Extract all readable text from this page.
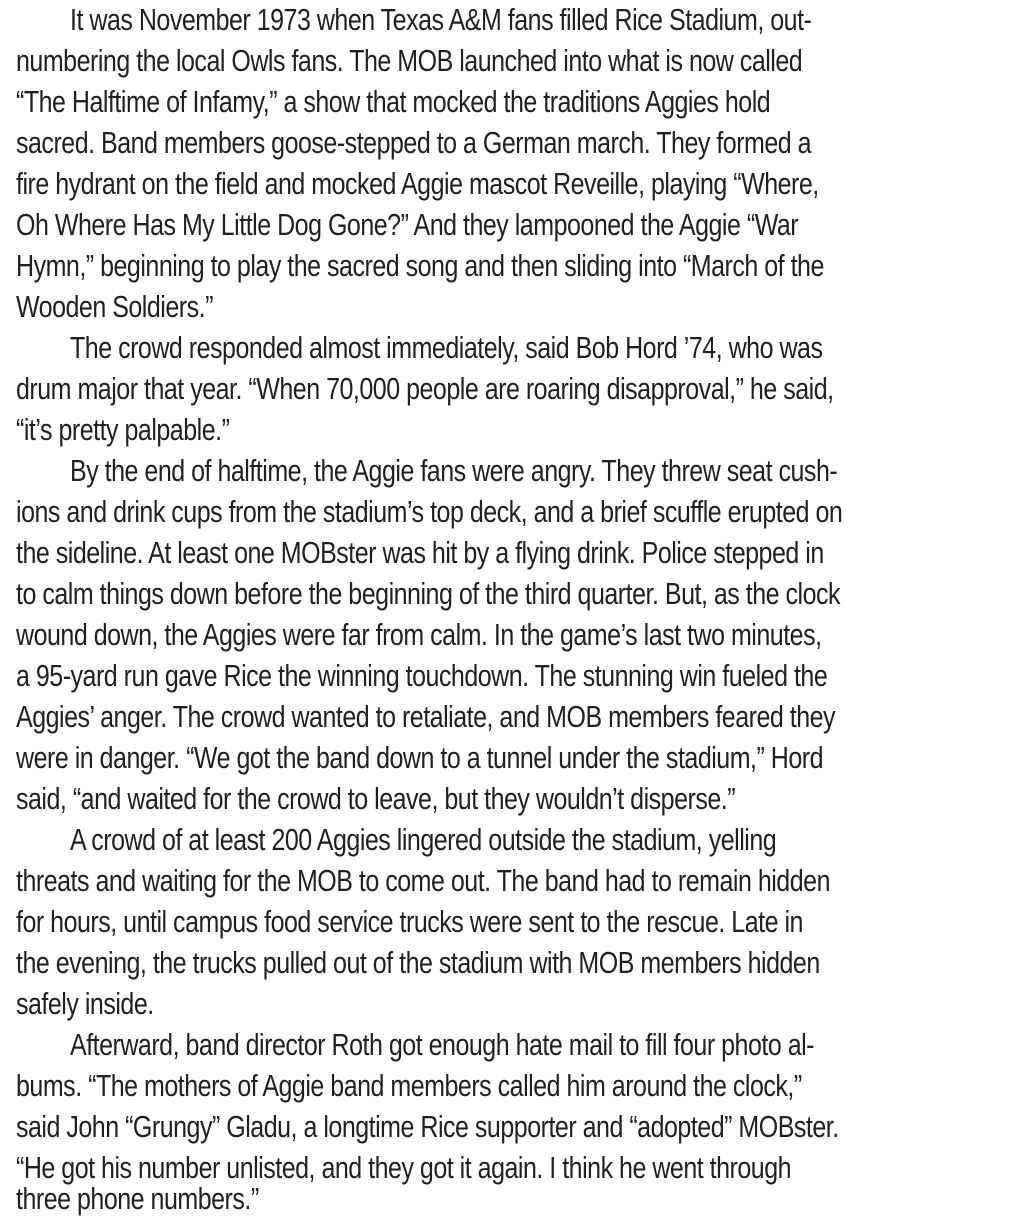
It was November 1973 when Texas A&M fans filled Rice Stadium, out-
numbering the local Owls fans. The MOB launched into what is now called
“The Halftime of Infamy,” a show that mocked the traditions Aggies hold
sacred. Band members goose-stepped to a German march. They formed a
fire hydrant on the field and mocked Aggie mascot Reveille, playing “Where,
Oh Where Has My Little Dog Gone?” And they lampooned the Aggie “War
Hymn,” beginning to play the sacred song and then sliding into “March of the
Wooden Soldiers.”
The crowd responded almost immediately, said Bob Hord ’74, who was
drum major that year. “When 70,000 people are roaring disapproval,” he said,
“it’s pretty palpable.”
By the end of halftime, the Aggie fans were angry. They threw seat cush-
ions and drink cups from the stadium’s top deck, and a brief scuffle erupted on
the sideline. At least one MOBster was hit by a flying drink. Police stepped in
to calm things down before the beginning of the third quarter. But, as the clock
wound down, the Aggies were far from calm. In the game’s last two minutes,
a 95-yard run gave Rice the winning touchdown. The stunning win fueled the
Aggies’ anger. The crowd wanted to retaliate, and MOB members feared they
were in danger. “We got the band down to a tunnel under the stadium,” Hord
said, “and waited for the crowd to leave, but they wouldn’t disperse.”
A crowd of at least 200 Aggies lingered outside the stadium, yelling
threats and waiting for the MOB to come out. The band had to remain hidden
for hours, until campus food service trucks were sent to the rescue. Late in
the evening, the trucks pulled out of the stadium with MOB members hidden
safely inside.
Afterward, band director Roth got enough hate mail to fill four photo al-
bums. “The mothers of Aggie band members called him around the clock,”
said John “Grungy” Gladu, a longtime Rice supporter and “adopted” MOBster.
“He got his number unlisted, and they got it again. I think he went through
three phone numbers.”
